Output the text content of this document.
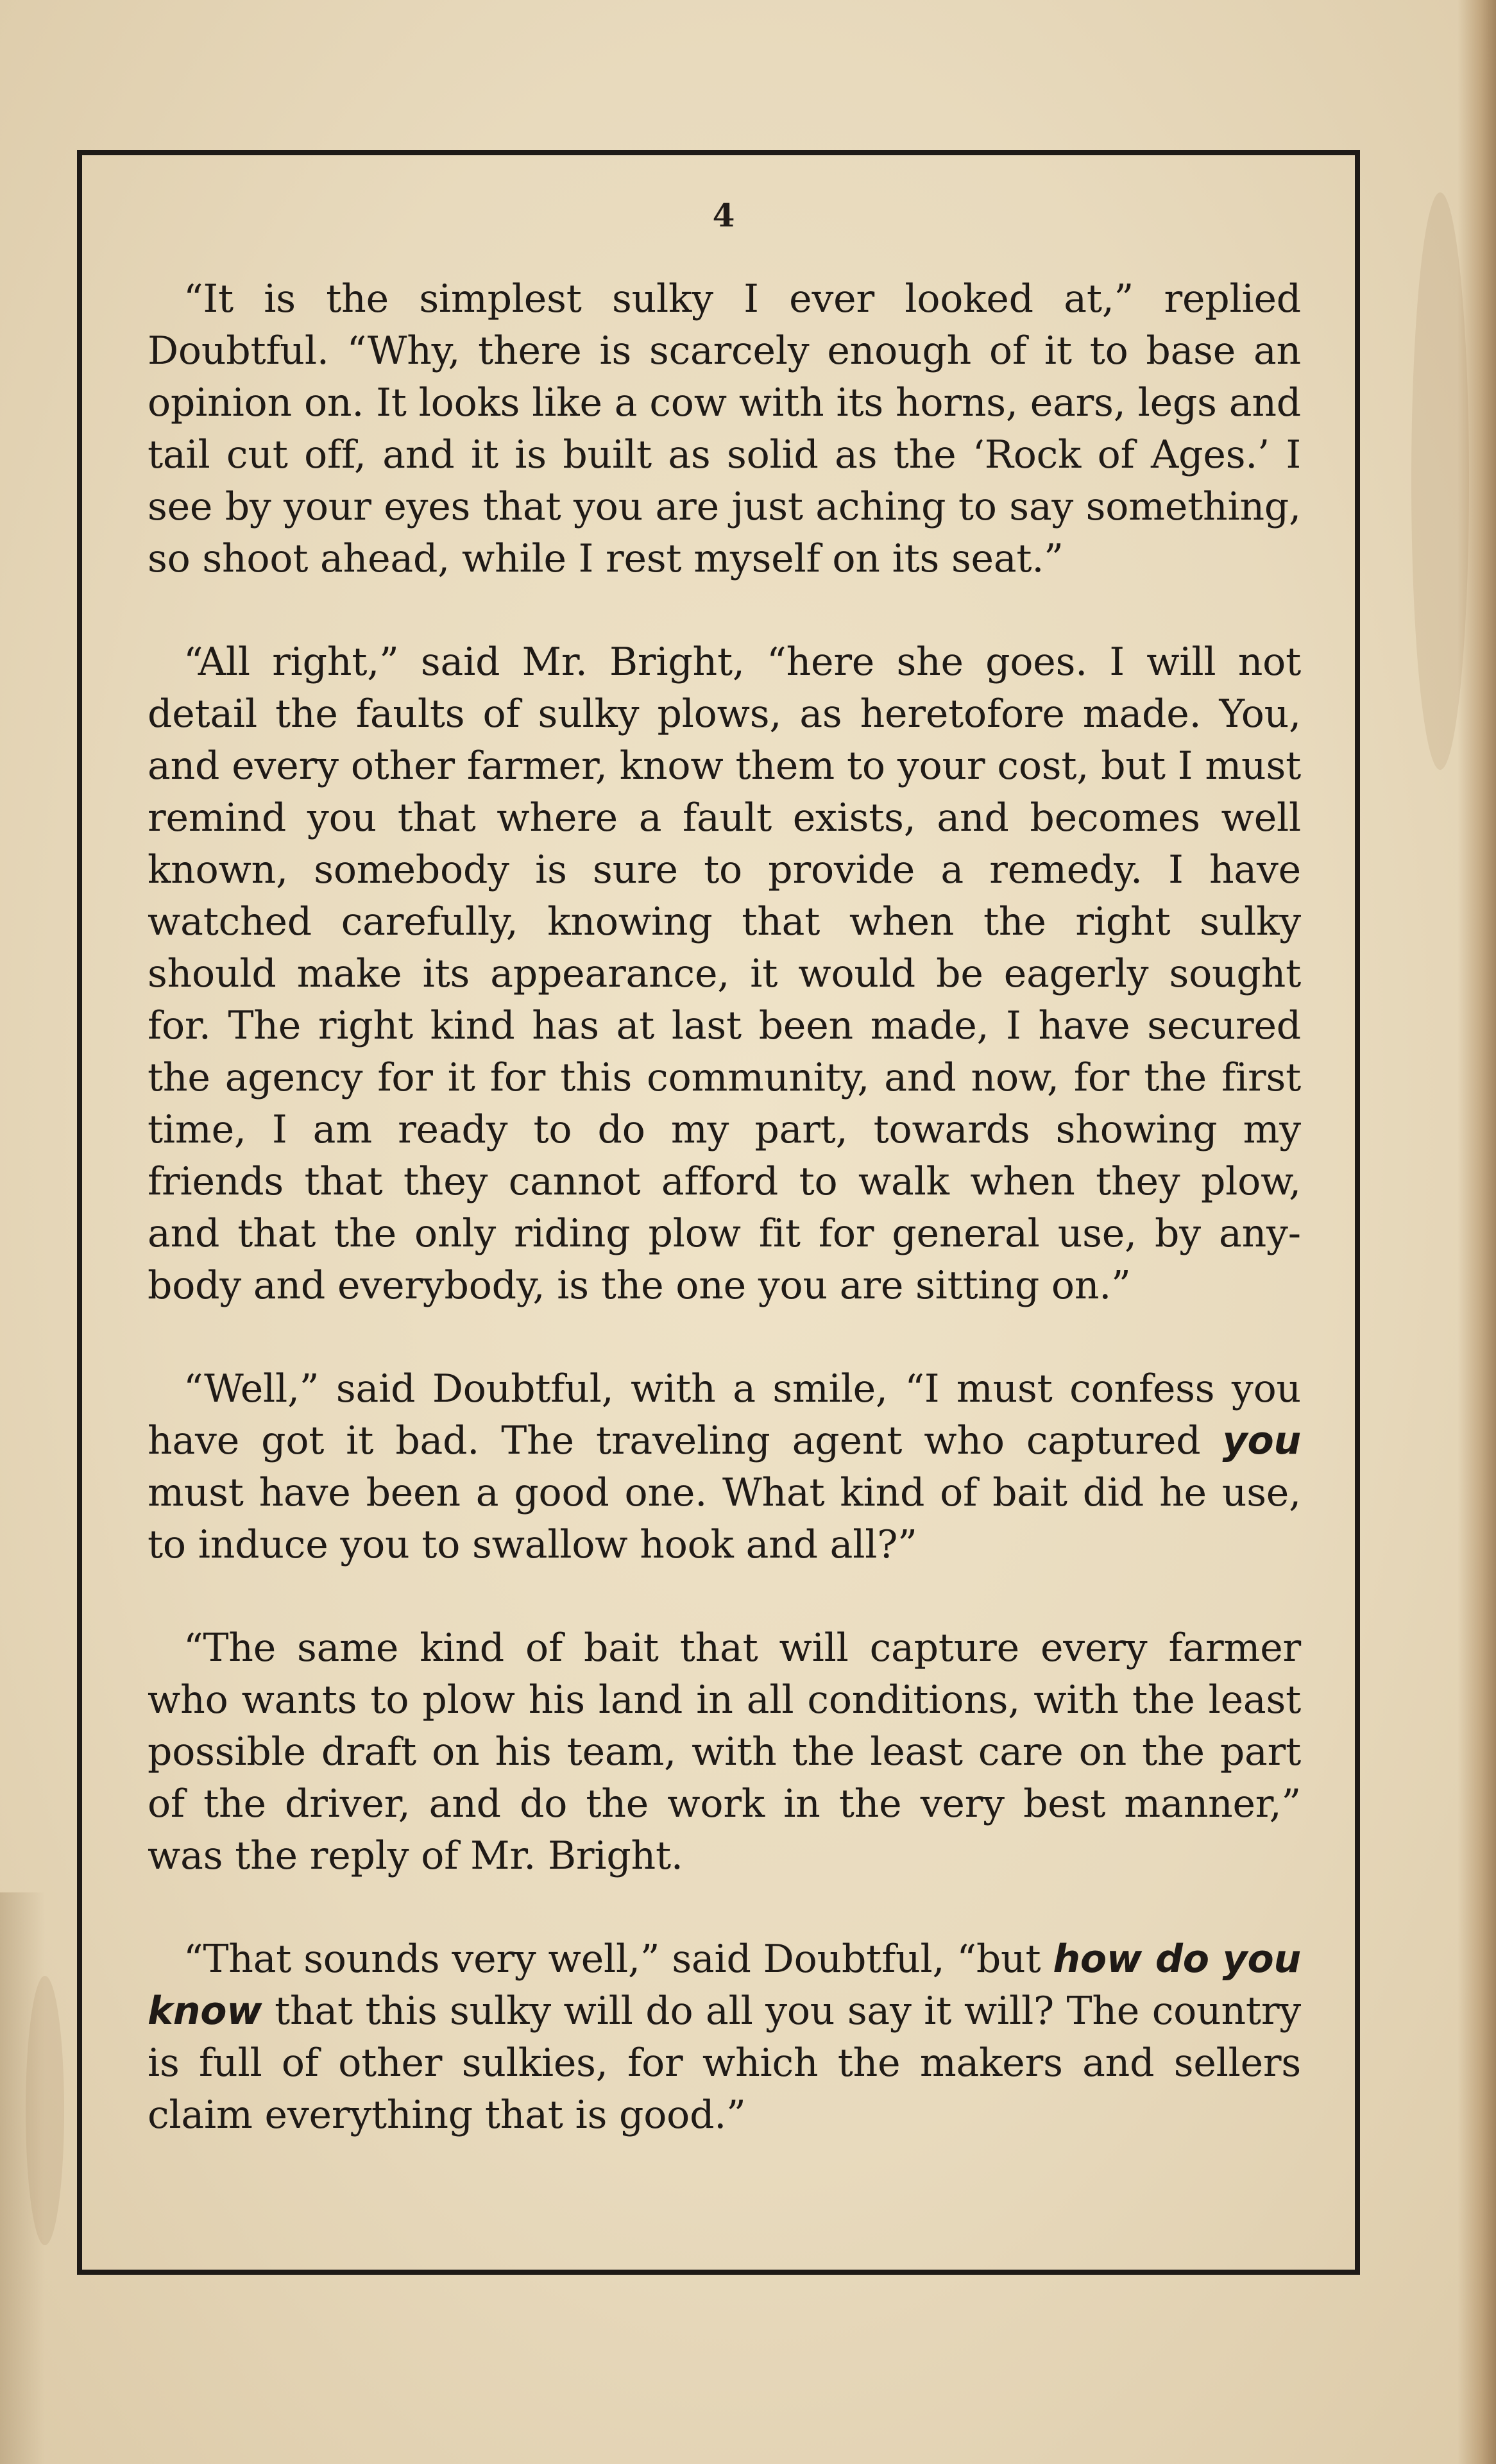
4

“It is the simplest sulky I ever looked at,” replied Doubtful. “Why, there is scarcely enough of it to base an opinion on. It looks like a cow with its horns, ears, legs and tail cut off, and it is built as solid as the ‘Rock of Ages.’ I see by your eyes that you are just aching to say something, so shoot ahead, while I rest myself on its seat.”

“All right,” said Mr. Bright, “here she goes. I will not detail the faults of sulky plows, as heretofore made. You, and every other farmer, know them to your cost, but I must remind you that where a fault exists, and becomes well known, somebody is sure to provide a remedy. I have watched carefully, knowing that when the right sulky should make its appearance, it would be eagerly sought for. The right kind has at last been made, I have secured the agency for it for this community, and now, for the first time, I am ready to do my part, towards showing my friends that they cannot afford to walk when they plow, and that the only riding plow fit for general use, by anybody and everybody, is the one you are sitting on.”

“Well,” said Doubtful, with a smile, “I must confess you have got it bad. The traveling agent who captured you must have been a good one. What kind of bait did he use, to induce you to swallow hook and all?”

“The same kind of bait that will capture every farmer who wants to plow his land in all conditions, with the least possible draft on his team, with the least care on the part of the driver, and do the work in the very best manner,” was the reply of Mr. Bright.

“That sounds very well,” said Doubtful, “but how do you know that this sulky will do all you say it will? The country is full of other sulkies, for which the makers and sellers claim everything that is good.”
